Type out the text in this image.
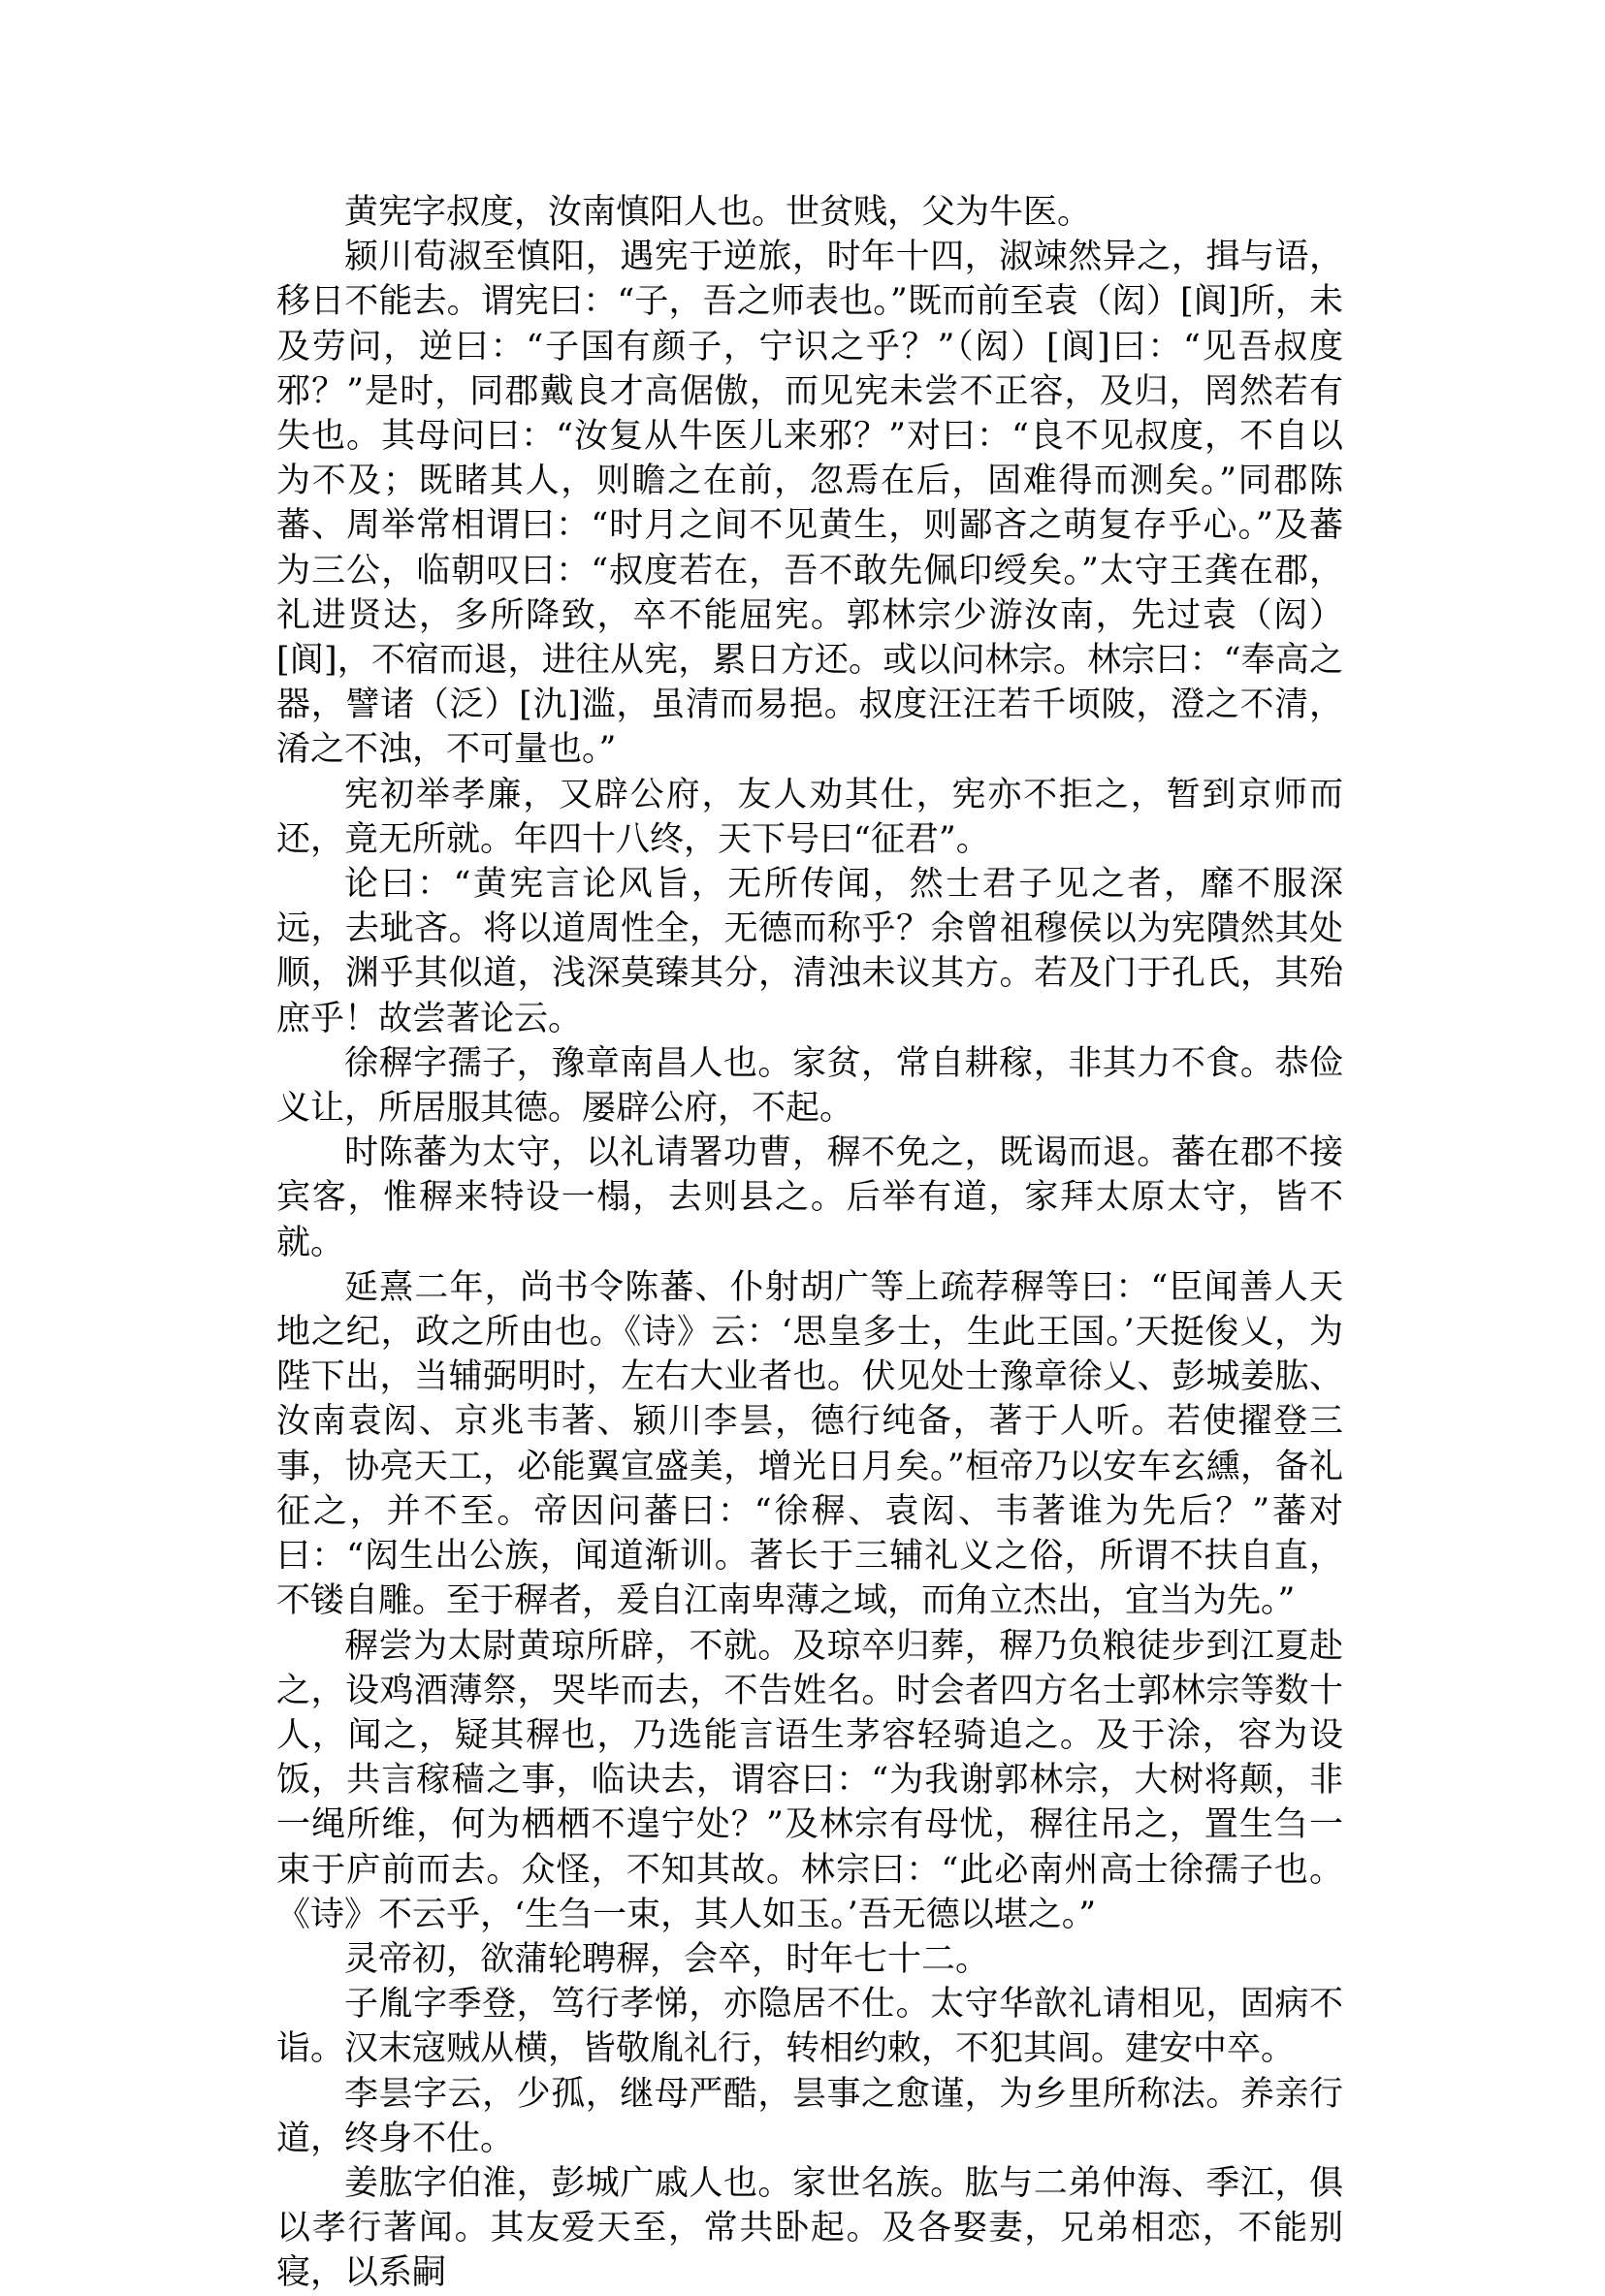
黄宪字叔度，汝南慎阳人也。世贫贱，父为牛医。

颍川荀淑至慎阳，遇宪于逆旅，时年十四，淑竦然异之，揖与语，移日不能去。谓宪曰：“子，吾之师表也。”既而前至袁（闳）[阆]所，未及劳问，逆曰：“子国有颜子，宁识之乎？”（闳）[阆]曰：“见吾叔度邪？”是时，同郡戴良才高倨傲，而见宪未尝不正容，及归，罔然若有失也。其母问曰：“汝复从牛医儿来邪？”对曰：“良不见叔度，不自以为不及；既睹其人，则瞻之在前，忽焉在后，固难得而测矣。”同郡陈蕃、周举常相谓曰：“时月之间不见黄生，则鄙吝之萌复存乎心。”及蕃为三公，临朝叹曰：“叔度若在，吾不敢先佩印绶矣。”太守王龚在郡，礼进贤达，多所降致，卒不能屈宪。郭林宗少游汝南，先过袁（闳）[阆]，不宿而退，进往从宪，累日方还。或以问林宗。林宗曰：“奉高之器，譬诸（泛）[氿]滥，虽清而易挹。叔度汪汪若千顷陂，澄之不清，淆之不浊，不可量也。”

宪初举孝廉，又辟公府，友人劝其仕，宪亦不拒之，暂到京师而还，竟无所就。年四十八终，天下号曰“征君”。

论曰：“黄宪言论风旨，无所传闻，然士君子见之者，靡不服深远，去玼吝。将以道周性全，无德而称乎？余曾祖穆侯以为宪隤然其处顺，渊乎其似道，浅深莫臻其分，清浊未议其方。若及门于孔氏，其殆庶乎！故尝著论云。

徐稺字孺子，豫章南昌人也。家贫，常自耕稼，非其力不食。恭俭义让，所居服其德。屡辟公府，不起。

时陈蕃为太守，以礼请署功曹，稺不免之，既谒而退。蕃在郡不接宾客，惟稺来特设一榻，去则县之。后举有道，家拜太原太守，皆不就。

延熹二年，尚书令陈蕃、仆射胡广等上疏荐稺等曰：“臣闻善人天地之纪，政之所由也。《诗》云：‘思皇多士，生此王国。’天挺俊乂，为陛下出，当辅弼明时，左右大业者也。伏见处士豫章徐乂、彭城姜肱、汝南袁闳、京兆韦著、颍川李昙，德行纯备，著于人听。若使擢登三事，协亮天工，必能翼宣盛美，增光日月矣。”桓帝乃以安车玄纁，备礼征之，并不至。帝因问蕃曰：“徐稺、袁闳、韦著谁为先后？”蕃对曰：“闳生出公族，闻道渐训。著长于三辅礼义之俗，所谓不扶自直，不镂自雕。至于稺者，爰自江南卑薄之域，而角立杰出，宜当为先。”

稺尝为太尉黄琼所辟，不就。及琼卒归葬，稺乃负粮徒步到江夏赴之，设鸡酒薄祭，哭毕而去，不告姓名。时会者四方名士郭林宗等数十人，闻之，疑其稺也，乃选能言语生茅容轻骑追之。及于涂，容为设饭，共言稼穑之事，临诀去，谓容曰：“为我谢郭林宗，大树将颠，非一绳所维，何为栖栖不遑宁处？”及林宗有母忧，稺往吊之，置生刍一束于庐前而去。众怪，不知其故。林宗曰：“此必南州高士徐孺子也。《诗》不云乎，‘生刍一束，其人如玉。’吾无德以堪之。”

灵帝初，欲蒲轮聘稺，会卒，时年七十二。

子胤字季登，笃行孝悌，亦隐居不仕。太守华歆礼请相见，固病不诣。汉末寇贼从横，皆敬胤礼行，转相约敕，不犯其闾。建安中卒。

李昙字云，少孤，继母严酷，昙事之愈谨，为乡里所称法。养亲行道，终身不仕。

姜肱字伯淮，彭城广戚人也。家世名族。肱与二弟仲海、季江，俱以孝行著闻。其友爱天至，常共卧起。及各娶妻，兄弟相恋，不能别寝，以系嗣
